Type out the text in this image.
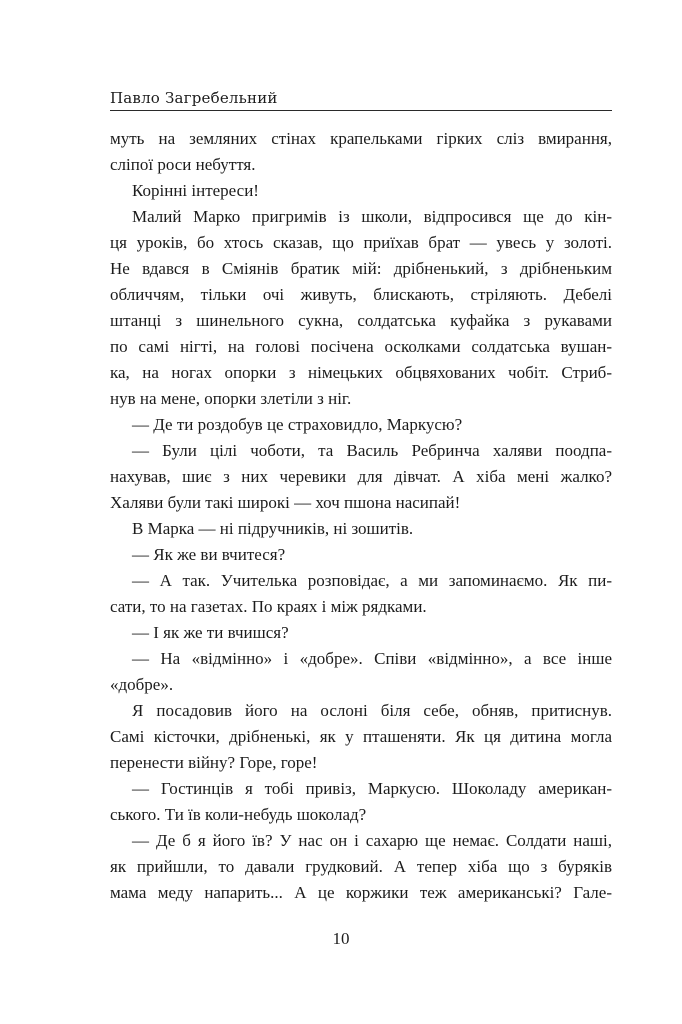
Павло Загребельний
муть на земляних стінах крапельками гірких сліз вмирання,
сліпої роси небуття.
Корінні інтереси!
Малий Марко пригримів із школи, відпросився ще до кін-
ця уроків, бо хтось сказав, що приїхав брат — увесь у золоті.
Не вдався в Смiянiв братик мій: дрібненький, з дрібненьким
обличчям, тільки очі живуть, блискають, стріляють. Дебелі
штанці з шинельного сукна, солдатська куфайка з рукавами
по самі нігті, на голові посічена осколками солдатська вушан-
ка, на ногах опорки з німецьких обцвяхованих чобіт. Стриб-
нув на мене, опорки злетіли з ніг.
— Де ти роздобув це страховидло, Маркусю?
— Були цілі чоботи, та Василь Ребринча халяви поодпа-
нахував, шиє з них черевики для дівчат. А хіба мені жалко?
Халяви були такі широкі — хоч пшона насипай!
В Марка — ні підручників, ні зошитів.
— Як же ви вчитеся?
— А так. Учителька розповідає, а ми запоминаємо. Як пи-
сати, то на газетах. По краях і між рядками.
— І як же ти вчишся?
— На «відмінно» і «добре». Співи «відмінно», а все інше
«добре».
Я посадовив його на ослоні біля себе, обняв, притиснув.
Самі кісточки, дрібненькі, як у пташеняти. Як ця дитина могла
перенести війну? Горе, горе!
— Гостинців я тобі привіз, Маркусю. Шоколаду американ-
ського. Ти їв коли-небудь шоколад?
— Де б я його їв? У нас он і сахарю ще немає. Солдати наші,
як прийшли, то давали грудковий. А тепер хіба що з буряків
мама меду напарить... А це коржики теж американські? Гале-
10
